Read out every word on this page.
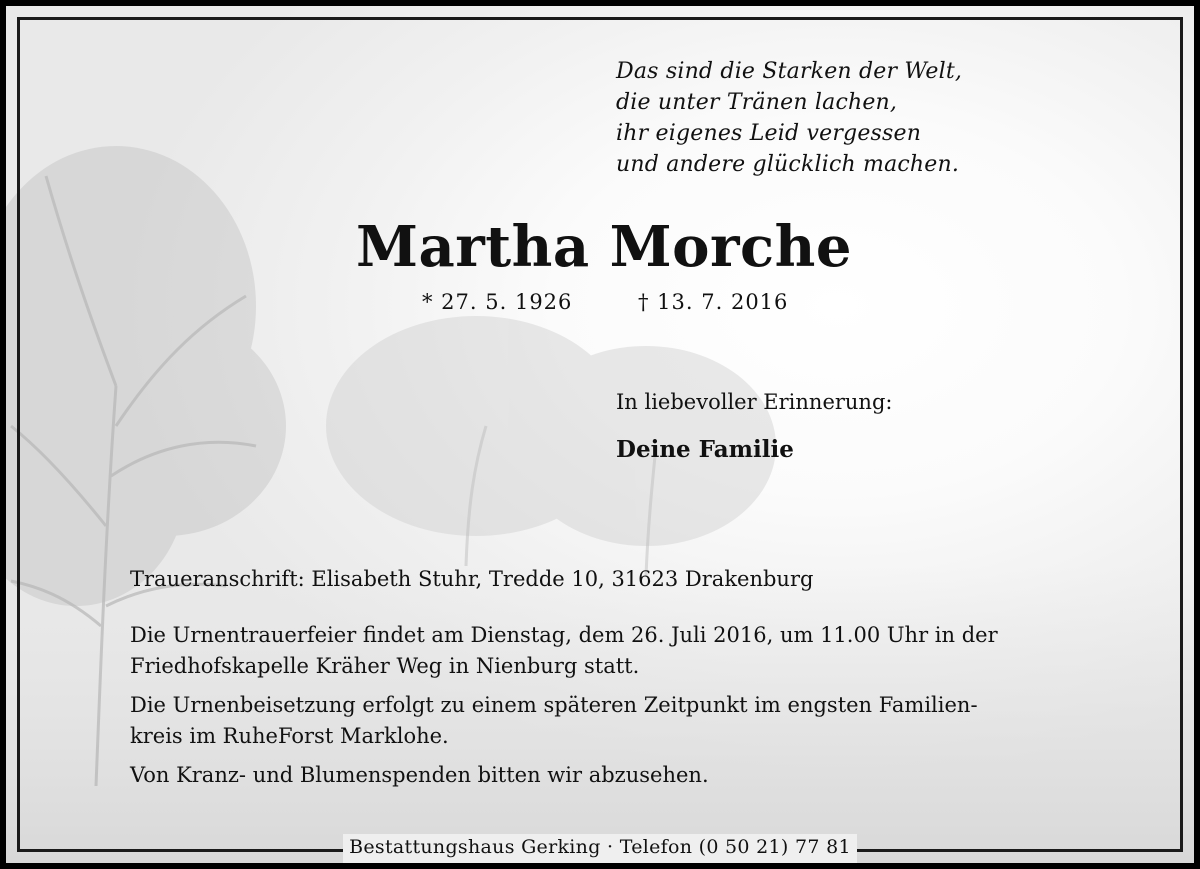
Das sind die Starken der Welt,
die unter Tränen lachen,
ihr eigenes Leid vergessen
und andere glücklich machen.
Martha Morche
* 27. 5. 1926	† 13. 7. 2016
In liebevoller Erinnerung:
Deine Familie
Traueranschrift: Elisabeth Stuhr, Tredde 10, 31623 Drakenburg
Die Urnentrauerfeier findet am Dienstag, dem 26. Juli 2016, um 11.00 Uhr in der
Friedhofskapelle Kräher Weg in Nienburg statt.
Die Urnenbeisetzung erfolgt zu einem späteren Zeitpunkt im engsten Familien-
kreis im RuheForst Marklohe.
Von Kranz- und Blumenspenden bitten wir abzusehen.
Bestattungshaus Gerking · Telefon (0 50 21) 77 81
